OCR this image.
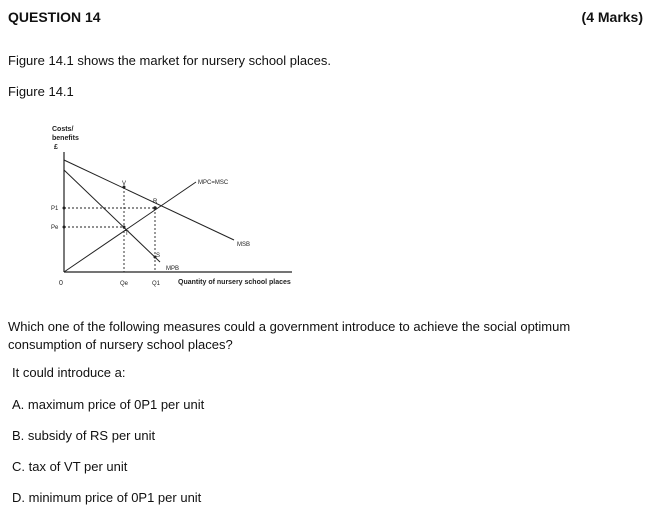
QUESTION 14	(4 Marks)
Figure 14.1 shows the market for nursery school places.
Figure 14.1
Costs/
benefits
£
Quantity of nursery school places
0
P1
Pe
Qe	Q1
MPC=MSC
MSB
MPB
V
R
T
S
Which one of the following measures could a government introduce to achieve the social optimum consumption of nursery school places?
It could introduce a:
A. maximum price of 0P1 per unit
B. subsidy of RS per unit
C. tax of VT per unit
D. minimum price of 0P1 per unit
